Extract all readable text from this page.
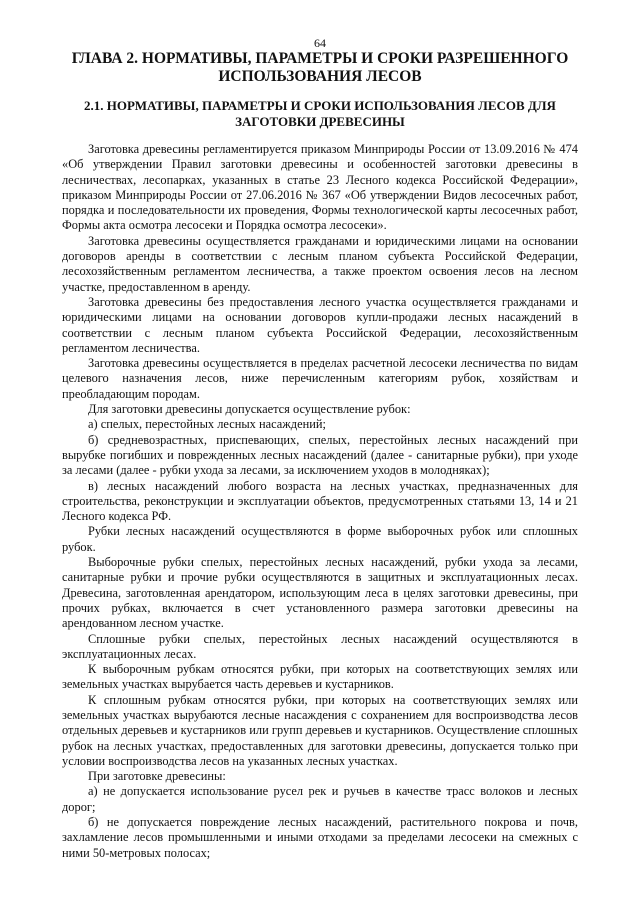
64
ГЛАВА 2. НОРМАТИВЫ, ПАРАМЕТРЫ И СРОКИ РАЗРЕШЕННОГО ИСПОЛЬЗОВАНИЯ ЛЕСОВ
2.1. НОРМАТИВЫ, ПАРАМЕТРЫ И СРОКИ ИСПОЛЬЗОВАНИЯ ЛЕСОВ ДЛЯ ЗАГОТОВКИ ДРЕВЕСИНЫ

Заготовка древесины регламентируется приказом Минприроды России от 13.09.2016 № 474 «Об утверждении Правил заготовки древесины и особенностей заготовки древесины в лесничествах, лесопарках, указанных в статье 23 Лесного кодекса Российской Федерации», приказом Минприроды России от 27.06.2016 № 367 «Об утверждении Видов лесосечных работ, порядка и последовательности их проведения, Формы технологической карты лесосечных работ, Формы акта осмотра лесосеки и Порядка осмотра лесосеки».

Заготовка древесины осуществляется гражданами и юридическими лицами на основании договоров аренды в соответствии с лесным планом субъекта Российской Федерации, лесохозяйственным регламентом лесничества, а также проектом освоения лесов на лесном участке, предоставленном в аренду.

Заготовка древесины без предоставления лесного участка осуществляется гражданами и юридическими лицами на основании договоров купли-продажи лесных насаждений в соответствии с лесным планом субъекта Российской Федерации, лесохозяйственным регламентом лесничества.

Заготовка древесины осуществляется в пределах расчетной лесосеки лесничества по видам целевого назначения лесов, ниже перечисленным категориям рубок, хозяйствам и преобладающим породам.

Для заготовки древесины допускается осуществление рубок:

а) спелых, перестойных лесных насаждений;

б) средневозрастных, приспевающих, спелых, перестойных лесных насаждений при вырубке погибших и поврежденных лесных насаждений (далее - санитарные рубки), при уходе за лесами (далее - рубки ухода за лесами, за исключением уходов в молодняках);

в) лесных насаждений любого возраста на лесных участках, предназначенных для строительства, реконструкции и эксплуатации объектов, предусмотренных статьями 13, 14 и 21 Лесного кодекса РФ.

Рубки лесных насаждений осуществляются в форме выборочных рубок или сплошных рубок.

Выборочные рубки спелых, перестойных лесных насаждений, рубки ухода за лесами, санитарные рубки и прочие рубки осуществляются в защитных и эксплуатационных лесах. Древесина, заготовленная арендатором, использующим леса в целях заготовки древесины, при прочих рубках, включается в счет установленного размера заготовки древесины на арендованном лесном участке.

Сплошные рубки спелых, перестойных лесных насаждений осуществляются в эксплуатационных лесах.

К выборочным рубкам относятся рубки, при которых на соответствующих землях или земельных участках вырубается часть деревьев и кустарников.

К сплошным рубкам относятся рубки, при которых на соответствующих землях или земельных участках вырубаются лесные насаждения с сохранением для воспроизводства лесов отдельных деревьев и кустарников или групп деревьев и кустарников. Осуществление сплошных рубок на лесных участках, предоставленных для заготовки древесины, допускается только при условии воспроизводства лесов на указанных лесных участках.

При заготовке древесины:

а) не допускается использование русел рек и ручьев в качестве трасс волоков и лесных дорог;

б) не допускается повреждение лесных насаждений, растительного покрова и почв, захламление лесов промышленными и иными отходами за пределами лесосеки на смежных с ними 50-метровых полосах;
